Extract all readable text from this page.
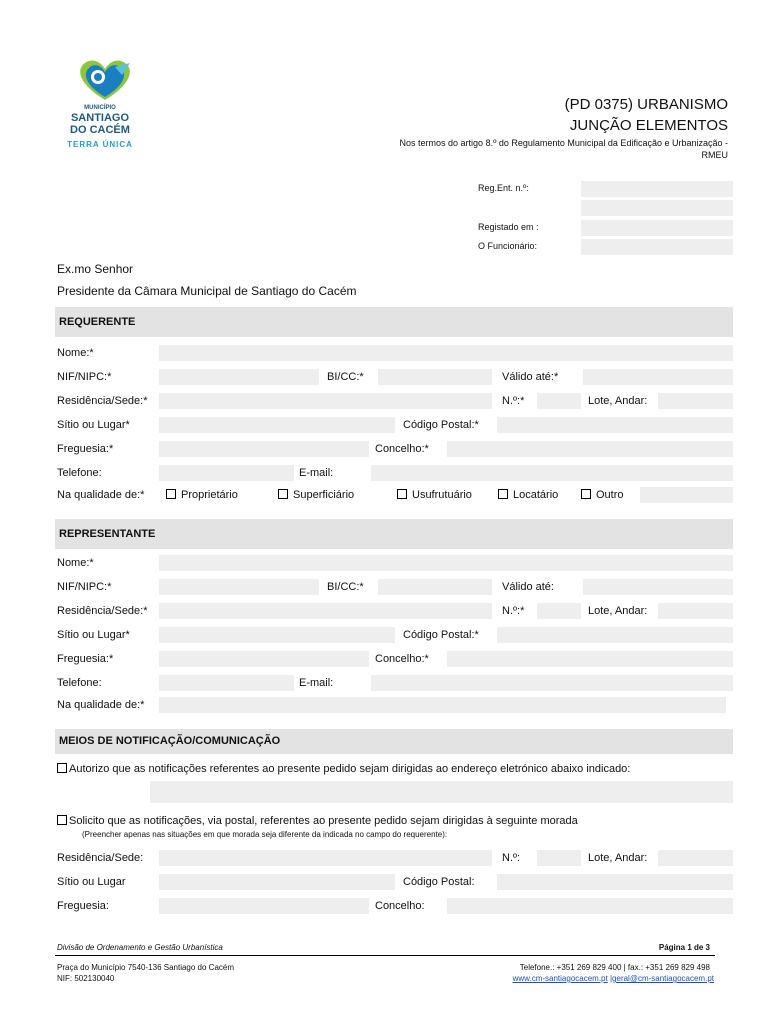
MUNICÍPIO
SANTIAGO
DO CACÉM
TERRA ÚNICA
(PD 0375) URBANISMO
JUNÇÃO ELEMENTOS
Nos termos do artigo 8.º do Regulamento Municipal da Edificação e Urbanização -
RMEU
Reg.Ent. n.º:
Registado em :
O Funcionário:
Ex.mo Senhor
Presidente da Câmara Municipal de Santiago do Cacém
REQUERENTE
Nome:*
NIF/NIPC:*	BI/CC:*	Válido até:*
Residência/Sede:*	N.º:*	Lote, Andar:
Sítio ou Lugar*	Código Postal:*
Freguesia:*	Concelho:*
Telefone:	E-mail:
Na qualidade de:*	Proprietário	Superficiário	Usufrutuário	Locatário	Outro
REPRESENTANTE
Nome:*
NIF/NIPC:*	BI/CC:*	Válido até:
Residência/Sede:*	N.º:*	Lote, Andar:
Sítio ou Lugar*	Código Postal:*
Freguesia:*	Concelho:*
Telefone:	E-mail:
Na qualidade de:*
MEIOS DE NOTIFICAÇÃO/COMUNICAÇÃO
Autorizo que as notificações referentes ao presente pedido sejam dirigidas ao endereço eletrónico abaixo indicado:
Solicito que as notificações, via postal, referentes ao presente pedido sejam dirigidas à seguinte morada
(Preencher apenas nas situações em que morada seja diferente da indicada no campo do requerente):
Residência/Sede:	N.º:	Lote, Andar:
Sítio ou Lugar	Código Postal:
Freguesia:	Concelho:
Divisão de Ordenamento e Gestão Urbanística	Página 1 de 3
Praça do Município 7540-136 Santiago do Cacém
NIF: 502130040
Telefone.: +351 269 829 400 | fax.: +351 269 829 498
www.cm-santiagocacem.pt |geral@cm-santiagocacem.pt
